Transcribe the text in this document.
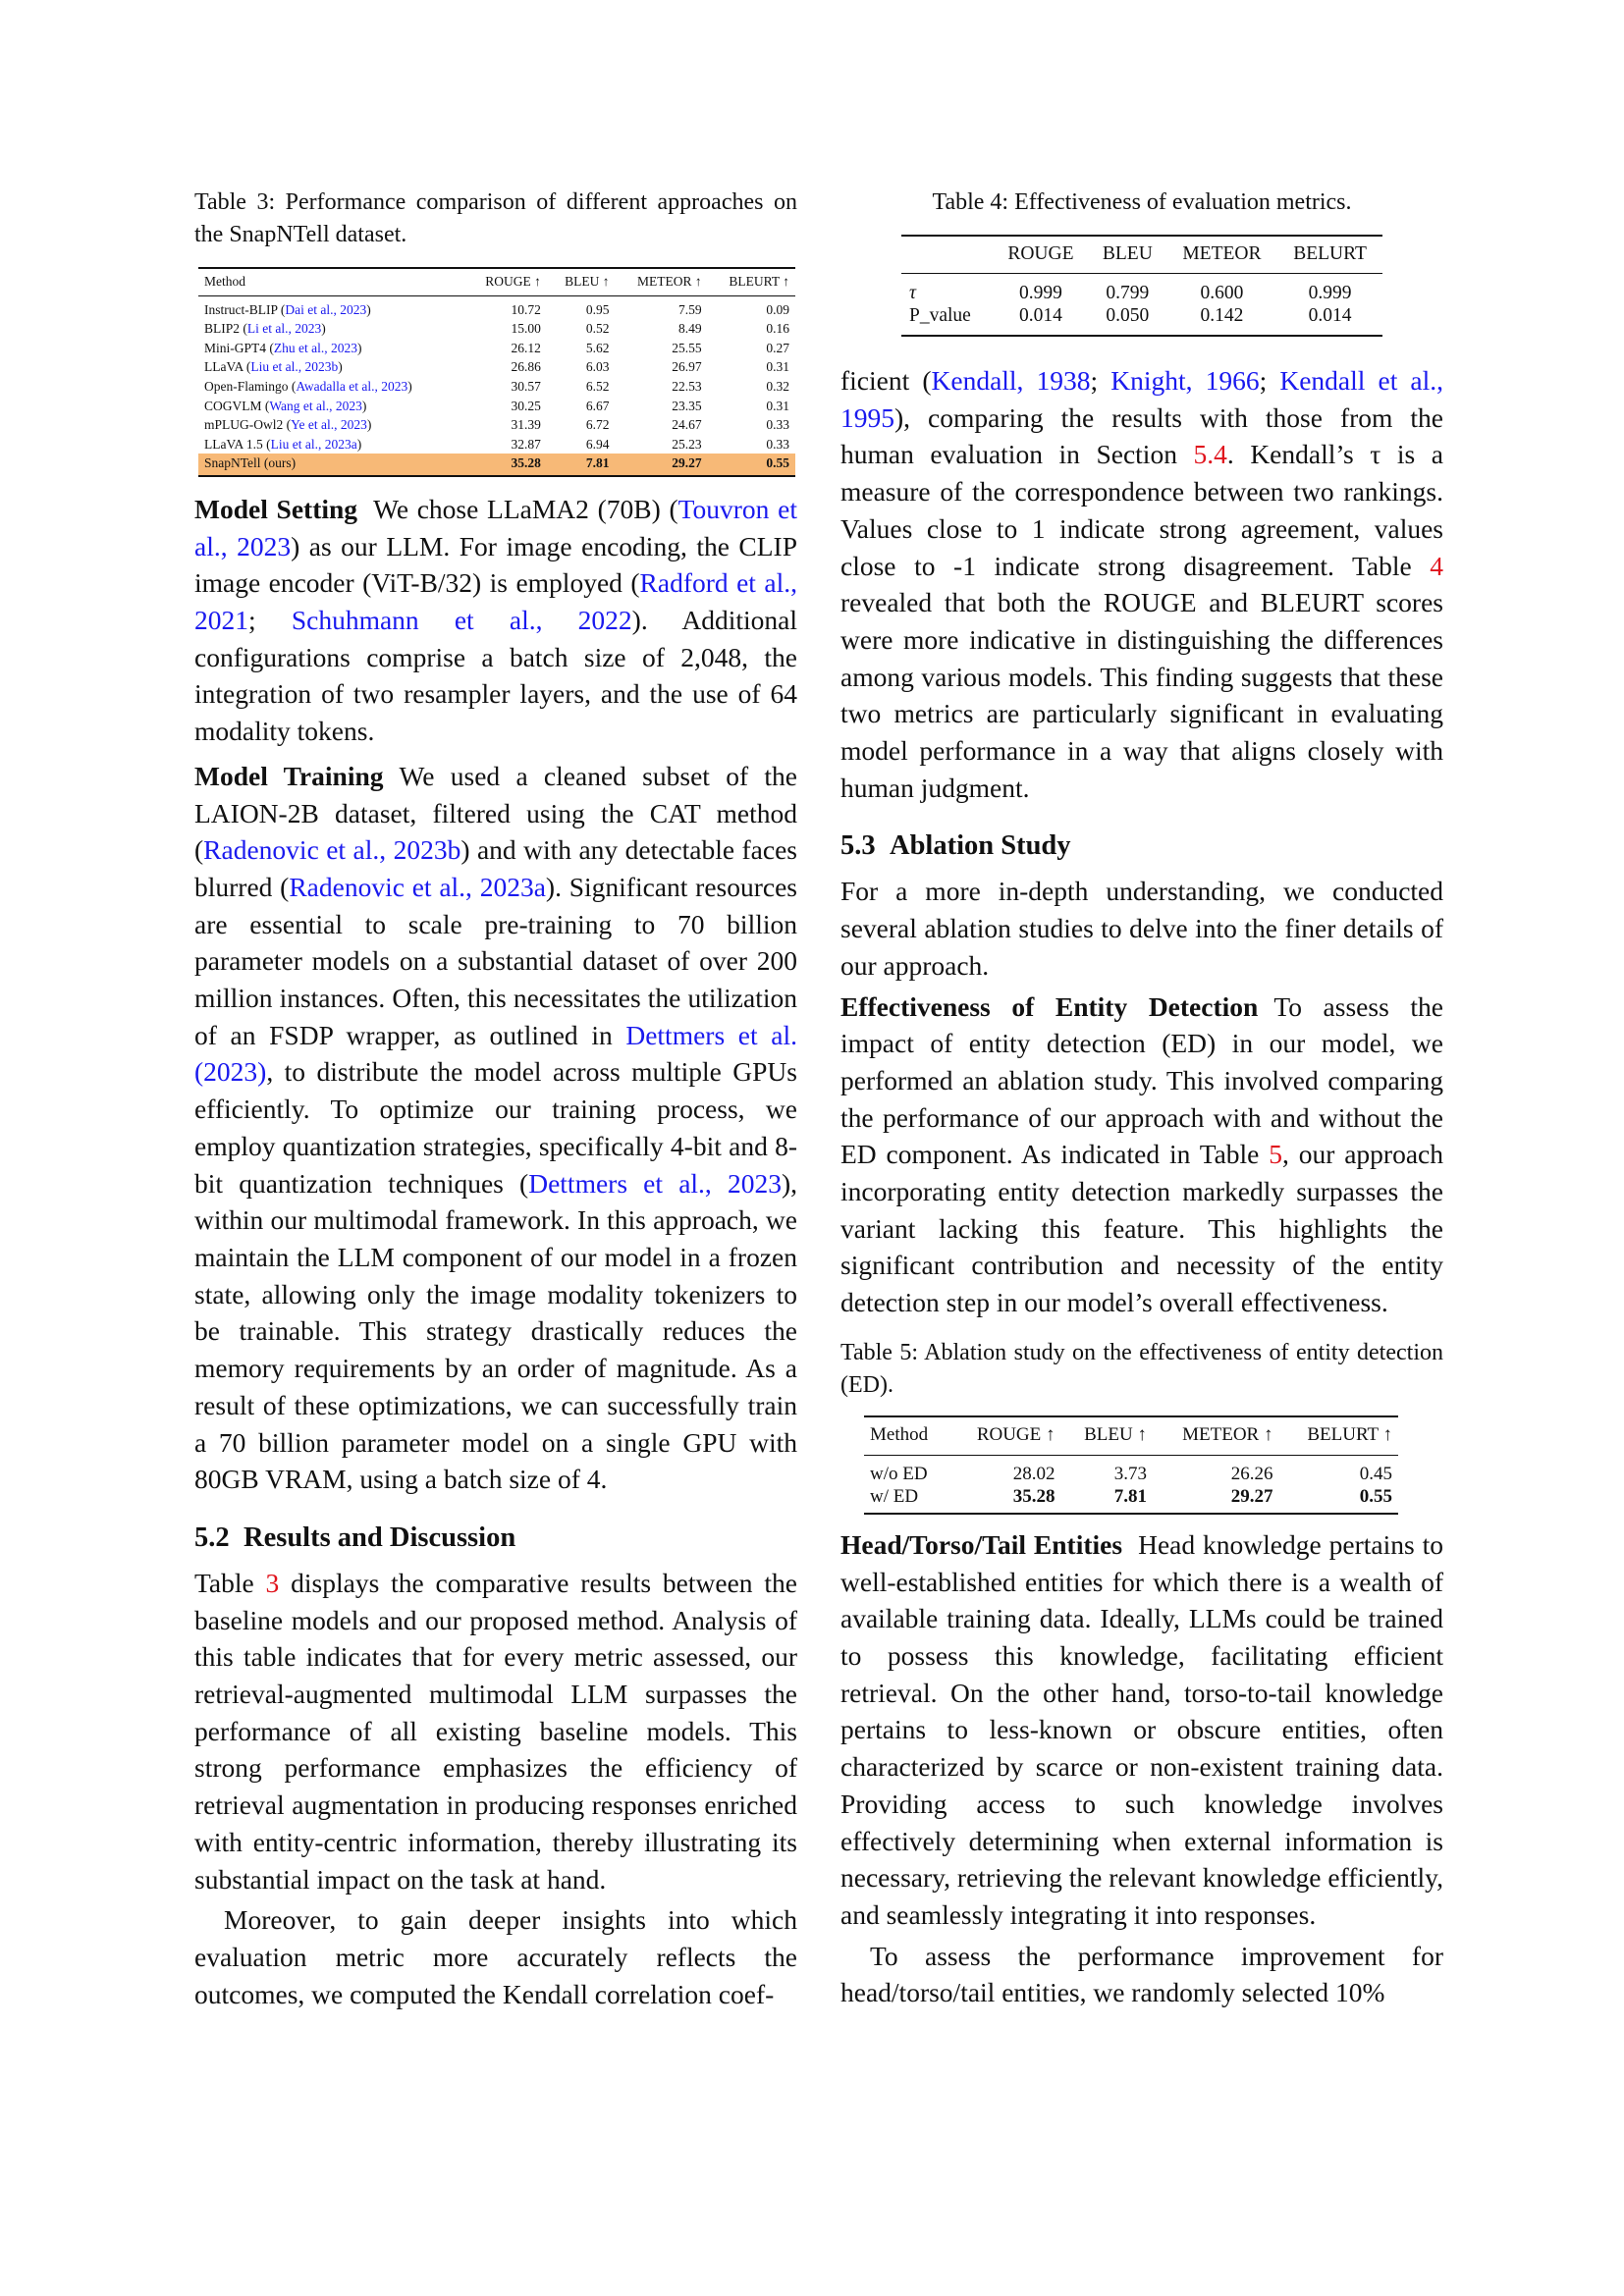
Table 3: Performance comparison of different approaches on the SnapNTell dataset.

Method	ROUGE ↑	BLEU ↑	METEOR ↑	BLEURT ↑
Instruct-BLIP (Dai et al., 2023)	10.72	0.95	7.59	0.09
BLIP2 (Li et al., 2023)	15.00	0.52	8.49	0.16
Mini-GPT4 (Zhu et al., 2023)	26.12	5.62	25.55	0.27
LLaVA (Liu et al., 2023b)	26.86	6.03	26.97	0.31
Open-Flamingo (Awadalla et al., 2023)	30.57	6.52	22.53	0.32
COGVLM (Wang et al., 2023)	30.25	6.67	23.35	0.31
mPLUG-Owl2 (Ye et al., 2023)	31.39	6.72	24.67	0.33
LLaVA 1.5 (Liu et al., 2023a)	32.87	6.94	25.23	0.33
SnapNTell (ours)	35.28	7.81	29.27	0.55

Model Setting We chose LLaMA2 (70B) (Touvron et al., 2023) as our LLM. For image encoding, the CLIP image encoder (ViT-B/32) is employed (Radford et al., 2021; Schuhmann et al., 2022). Additional configurations comprise a batch size of 2,048, the integration of two resampler layers, and the use of 64 modality tokens.

Model Training We used a cleaned subset of the LAION-2B dataset, filtered using the CAT method (Radenovic et al., 2023b) and with any detectable faces blurred (Radenovic et al., 2023a). Significant resources are essential to scale pre-training to 70 billion parameter models on a substantial dataset of over 200 million instances. Often, this necessitates the utilization of an FSDP wrapper, as outlined in Dettmers et al. (2023), to distribute the model across multiple GPUs efficiently. To optimize our training process, we employ quantization strategies, specifically 4-bit and 8-bit quantization techniques (Dettmers et al., 2023), within our multimodal framework. In this approach, we maintain the LLM component of our model in a frozen state, allowing only the image modality tokenizers to be trainable. This strategy drastically reduces the memory requirements by an order of magnitude. As a result of these optimizations, we can successfully train a 70 billion parameter model on a single GPU with 80GB VRAM, using a batch size of 4.

5.2 Results and Discussion

Table 3 displays the comparative results between the baseline models and our proposed method. Analysis of this table indicates that for every metric assessed, our retrieval-augmented multimodal LLM surpasses the performance of all existing baseline models. This strong performance emphasizes the efficiency of retrieval augmentation in producing responses enriched with entity-centric information, thereby illustrating its substantial impact on the task at hand.

Moreover, to gain deeper insights into which evaluation metric more accurately reflects the outcomes, we computed the Kendall correlation coef-

Table 4: Effectiveness of evaluation metrics.

	ROUGE	BLEU	METEOR	BELURT
τ	0.999	0.799	0.600	0.999
P_value	0.014	0.050	0.142	0.014

ficient (Kendall, 1938; Knight, 1966; Kendall et al., 1995), comparing the results with those from the human evaluation in Section 5.4. Kendall’s τ is a measure of the correspondence between two rankings. Values close to 1 indicate strong agreement, values close to -1 indicate strong disagreement. Table 4 revealed that both the ROUGE and BLEURT scores were more indicative in distinguishing the differences among various models. This finding suggests that these two metrics are particularly significant in evaluating model performance in a way that aligns closely with human judgment.

5.3 Ablation Study

For a more in-depth understanding, we conducted several ablation studies to delve into the finer details of our approach.

Effectiveness of Entity Detection To assess the impact of entity detection (ED) in our model, we performed an ablation study. This involved comparing the performance of our approach with and without the ED component. As indicated in Table 5, our approach incorporating entity detection markedly surpasses the variant lacking this feature. This highlights the significant contribution and necessity of the entity detection step in our model’s overall effectiveness.

Table 5: Ablation study on the effectiveness of entity detection (ED).

Method	ROUGE ↑	BLEU ↑	METEOR ↑	BELURT ↑
w/o ED	28.02	3.73	26.26	0.45
w/ ED	35.28	7.81	29.27	0.55

Head/Torso/Tail Entities Head knowledge pertains to well-established entities for which there is a wealth of available training data. Ideally, LLMs could be trained to possess this knowledge, facilitating efficient retrieval. On the other hand, torso-to-tail knowledge pertains to less-known or obscure entities, often characterized by scarce or non-existent training data. Providing access to such knowledge involves effectively determining when external information is necessary, retrieving the relevant knowledge efficiently, and seamlessly integrating it into responses.

To assess the performance improvement for head/torso/tail entities, we randomly selected 10%
